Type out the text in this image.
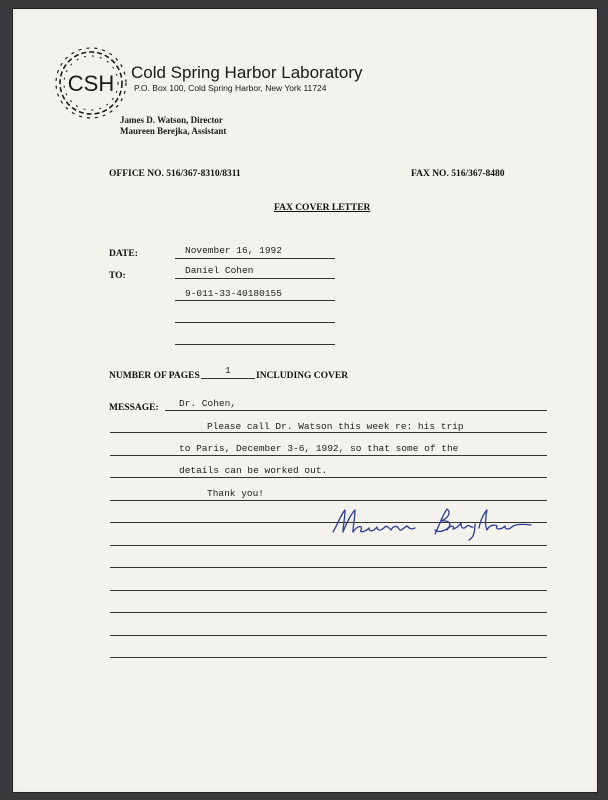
CSH Cold Spring Harbor Laboratory
P.O. Box 100, Cold Spring Harbor, New York 11724
James D. Watson, Director
Maureen Berejka, Assistant
OFFICE NO. 516/367-8310/8311	FAX NO. 516/367-8480
FAX COVER LETTER
DATE:	November 16, 1992
TO:	Daniel Cohen
9-011-33-40180155
NUMBER OF PAGES	1	INCLUDING COVER
MESSAGE: Dr. Cohen,
Please call Dr. Watson this week re: his trip
to Paris, December 3-6, 1992, so that some of the
details can be worked out.
Thank you!
